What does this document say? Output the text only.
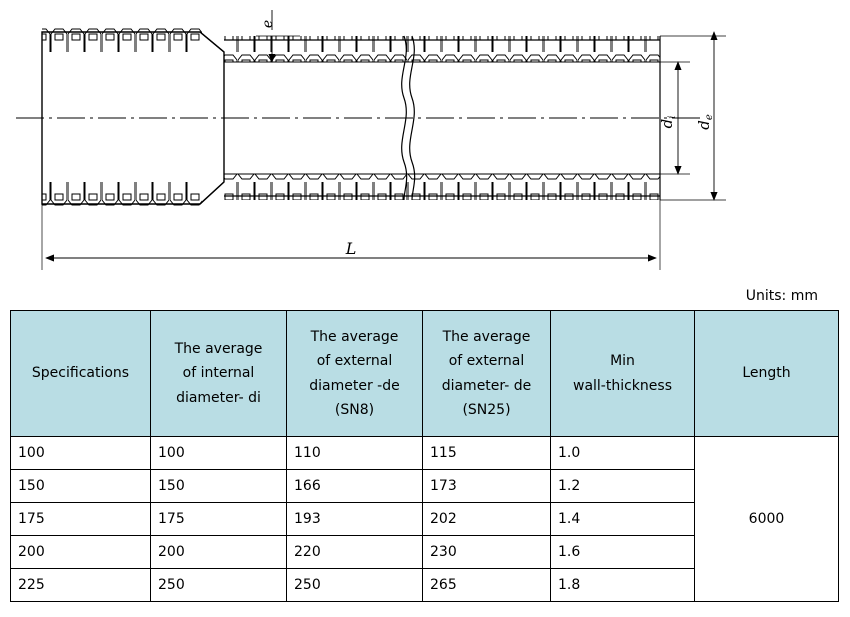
e
$d_i$
$d_e$
L
Units: mm
Specifications	The average
of internal
diameter- di	The average
of external
diameter -de
(SN8)	The average
of external
diameter- de
(SN25)	Min
wall-thickness	Length

100	100	110	115	1.0	6000
150	150	166	173	1.2	
175	175	193	202	1.4	
200	200	220	230	1.6	
225	250	250	265	1.8	
